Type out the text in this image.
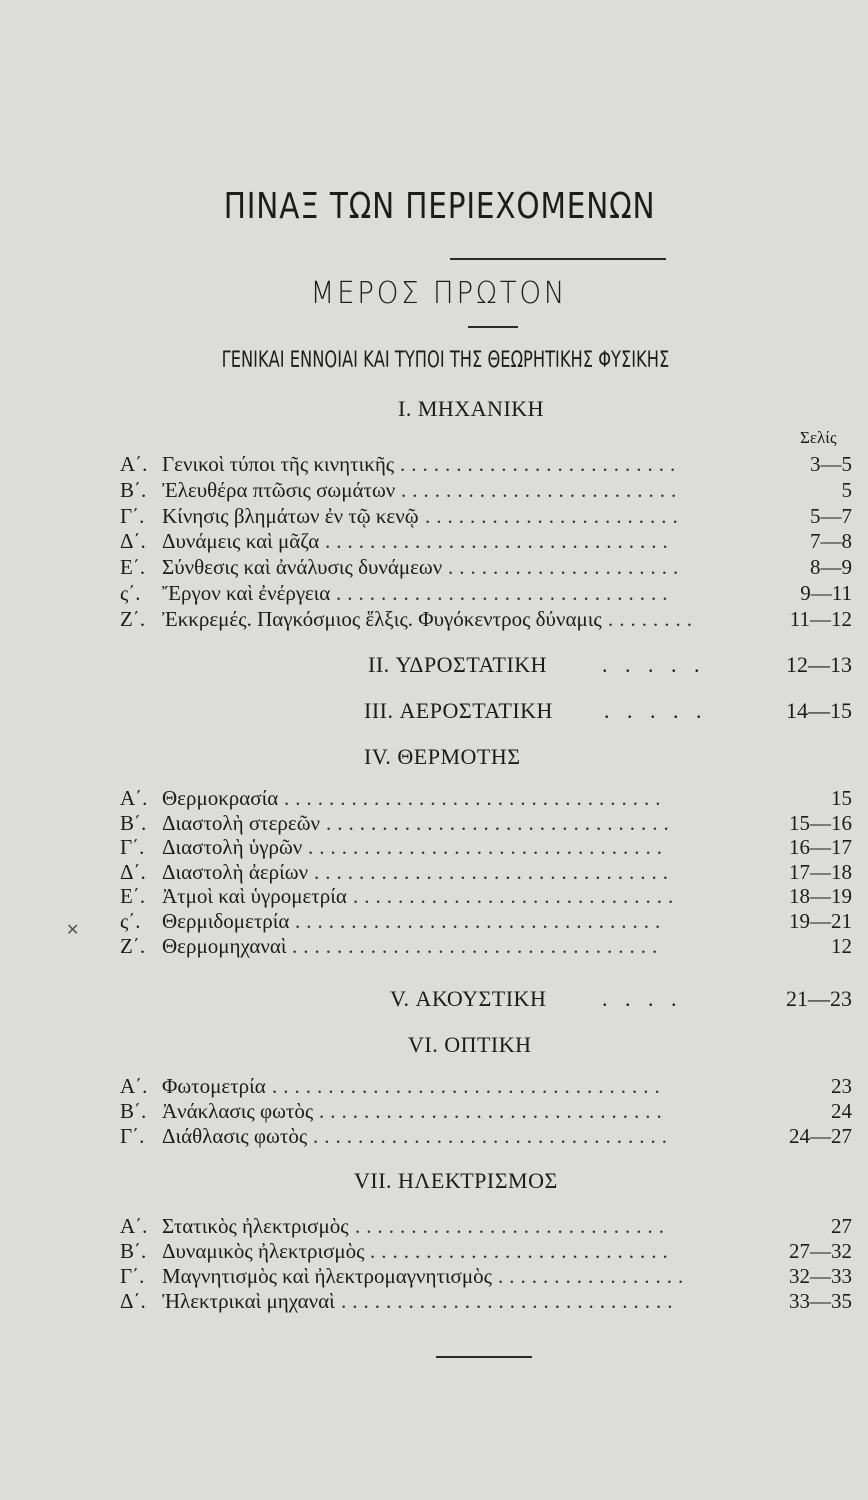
ΠΙΝΑΞ ΤΩΝ ΠΕΡΙΕΧΟΜΕΝΩΝ
ΜΕΡΟΣ ΠΡΩΤΟΝ
ΓΕΝΙΚΑΙ ΕΝΝΟΙΑΙ ΚΑΙ ΤΥΠΟΙ ΤΗΣ ΘΕΩΡΗΤΙΚΗΣ ΦΥΣΙΚΗΣ
I. ΜΗΧΑΝΙΚΗ
Σελίς
Α΄. Γενικοὶ τύποι τῆς κινητικῆς .........................	3—5
Β΄. Ἐλευθέρα πτῶσις σωμάτων .........................	5
Γ΄. Κίνησις βλημάτων ἐν τῷ κενῷ .......................	5—7
Δ΄. Δυνάμεις καὶ μᾶζα ...............................	7—8
Ε΄. Σύνθεσις καὶ ἀνάλυσις δυνάμεων .....................	8—9
ς΄.	Ἔργον καὶ ἐνέργεια ..............................	9—11
Ζ΄. Ἐκκρεμές. Παγκόσμιος ἕλξις. Φυγόκεντρος δύναμις ........	11—12
II. ΥΔΡΟΣΤΑΤΙΚΗ . . . . .	12—13
III. ΑΕΡΟΣΤΑΤΙΚΗ . . . . .	14—15
IV. ΘΕΡΜΟΤΗΣ
Α΄. Θερμοκρασία ..................................	15
Β΄. Διαστολὴ στερεῶν ...............................	15—16
Γ΄. Διαστολὴ ὑγρῶν ................................	16—17
Δ΄. Διαστολὴ ἀερίων ................................	17—18
Ε΄. Ἀτμοὶ καὶ ὑγρομετρία .............................	18—19
ς΄.	Θερμιδομετρία .................................	19—21
Ζ΄. Θερμομηχαναὶ .................................	12
✕
V. ΑΚΟΥΣΤΙΚΗ	. . . .	21—23
VI. ΟΠΤΙΚΗ
Α΄. Φωτομετρία ...................................	23
Β΄. Ἀνάκλασις φωτὸς ...............................	24
Γ΄. Διάθλασις φωτὸς ................................	24—27
VII. ΗΛΕΚΤΡΙΣΜΟΣ
Α΄. Στατικὸς ἠλεκτρισμὸς ............................	27
Β΄. Δυναμικὸς ἠλεκτρισμὸς ...........................	27—32
Γ΄. Μαγνητισμὸς καὶ ἠλεκτρομαγνητισμὸς .................	32—33
Δ΄. Ἠλεκτρικαὶ μηχαναὶ ..............................	33—35
